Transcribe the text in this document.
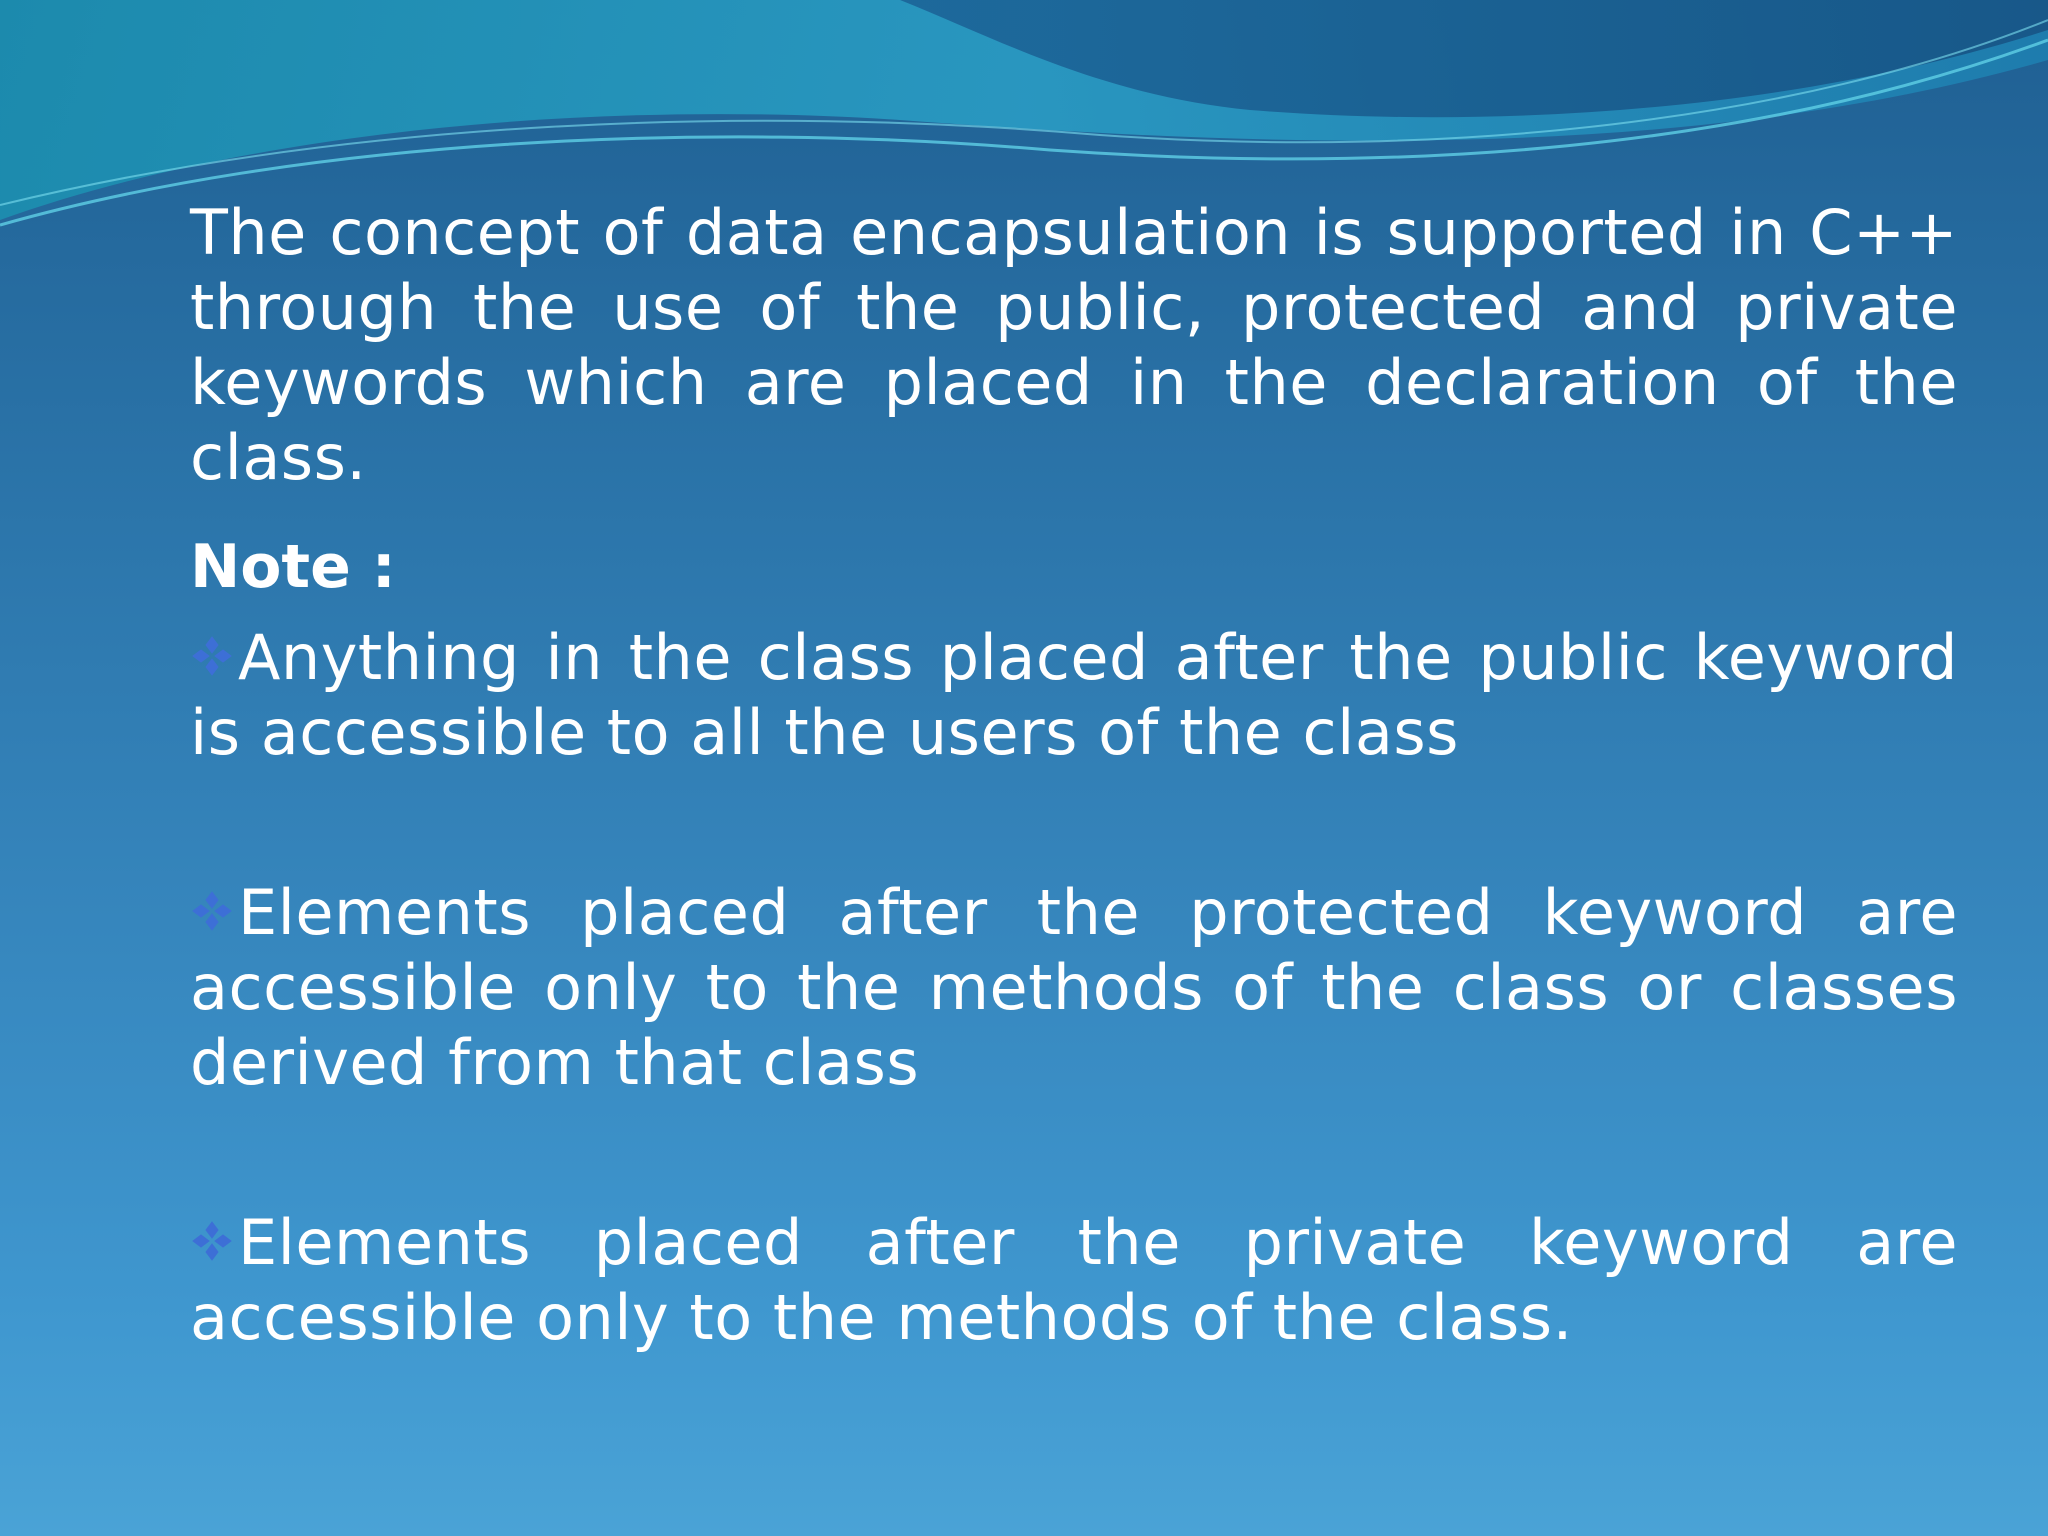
The concept of data encapsulation is supported in C++ through the use of the public, protected and private keywords which are placed in the declaration of the class.

Note :

Anything in the class placed after the public keyword is accessible to all the users of the class

Elements placed after the protected keyword are accessible only to the methods of the class or classes derived from that class

Elements placed after the private keyword are accessible only to the methods of the class.
